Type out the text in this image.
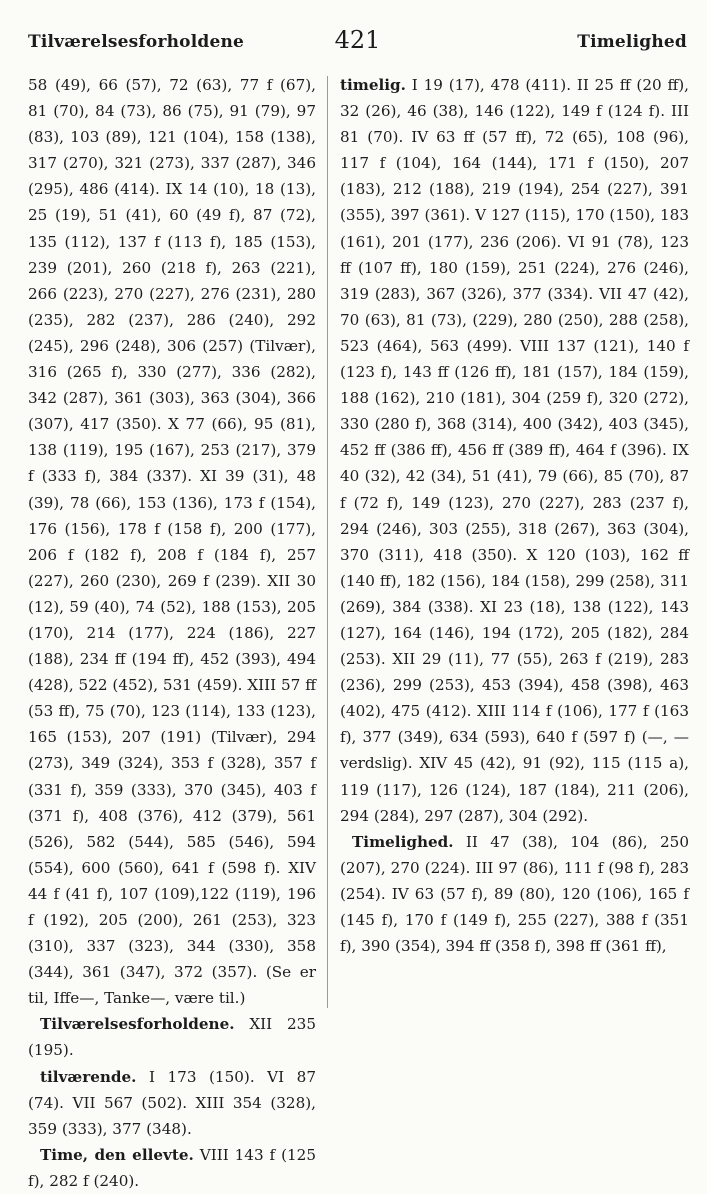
Tilværelsesforholdene	421	Timelighed

58 (49), 66 (57), 72 (63), 77 f (67), 81 (70), 84 (73), 86 (75), 91 (79), 97 (83), 103 (89), 121 (104), 158 (138), 317 (270), 321 (273), 337 (287), 346 (295), 486 (414). IX 14 (10), 18 (13), 25 (19), 51 (41), 60 (49 f), 87 (72), 135 (112), 137 f (113 f), 185 (153), 239 (201), 260 (218 f), 263 (221), 266 (223), 270 (227), 276 (231), 280 (235), 282 (237), 286 (240), 292 (245), 296 (248), 306 (257) (Tilvær), 316 (265 f), 330 (277), 336 (282), 342 (287), 361 (303), 363 (304), 366 (307), 417 (350). X 77 (66), 95 (81), 138 (119), 195 (167), 253 (217), 379 f (333 f), 384 (337). XI 39 (31), 48 (39), 78 (66), 153 (136), 173 f (154), 176 (156), 178 f (158 f), 200 (177), 206 f (182 f), 208 f (184 f), 257 (227), 260 (230), 269 f (239). XII 30 (12), 59 (40), 74 (52), 188 (153), 205 (170), 214 (177), 224 (186), 227 (188), 234 ff (194 ff), 452 (393), 494 (428), 522 (452), 531 (459). XIII 57 ff (53 ff), 75 (70), 123 (114), 133 (123), 165 (153), 207 (191) (Tilvær), 294 (273), 349 (324), 353 f (328), 357 f (331 f), 359 (333), 370 (345), 403 f (371 f), 408 (376), 412 (379), 561 (526), 582 (544), 585 (546), 594 (554), 600 (560), 641 f (598 f). XIV 44 f (41 f), 107 (109),122 (119), 196 f (192), 205 (200), 261 (253), 323 (310), 337 (323), 344 (330), 358 (344), 361 (347), 372 (357). (Se er til, Iffe—, Tanke—, være til.)

Tilværelsesforholdene. XII 235 (195).

tilværende. I 173 (150). VI 87 (74). VII 567 (502). XIII 354 (328), 359 (333), 377 (348).

Time, den ellevte. VIII 143 f (125 f), 282 f (240).

timelig. I 19 (17), 478 (411). II 25 ff (20 ff), 32 (26), 46 (38), 146 (122), 149 f (124 f). III 81 (70). IV 63 ff (57 ff), 72 (65), 108 (96), 117 f (104), 164 (144), 171 f (150), 207 (183), 212 (188), 219 (194), 254 (227), 391 (355), 397 (361). V 127 (115), 170 (150), 183 (161), 201 (177), 236 (206). VI 91 (78), 123 ff (107 ff), 180 (159), 251 (224), 276 (246), 319 (283), 367 (326), 377 (334). VII 47 (42), 70 (63), 81 (73), (229), 280 (250), 288 (258), 523 (464), 563 (499). VIII 137 (121), 140 f (123 f), 143 ff (126 ff), 181 (157), 184 (159), 188 (162), 210 (181), 304 (259 f), 320 (272), 330 (280 f), 368 (314), 400 (342), 403 (345), 452 ff (386 ff), 456 ff (389 ff), 464 f (396). IX 40 (32), 42 (34), 51 (41), 79 (66), 85 (70), 87 f (72 f), 149 (123), 270 (227), 283 (237 f), 294 (246), 303 (255), 318 (267), 363 (304), 370 (311), 418 (350). X 120 (103), 162 ff (140 ff), 182 (156), 184 (158), 299 (258), 311 (269), 384 (338). XI 23 (18), 138 (122), 143 (127), 164 (146), 194 (172), 205 (182), 284 (253). XII 29 (11), 77 (55), 263 f (219), 283 (236), 299 (253), 453 (394), 458 (398), 463 (402), 475 (412). XIII 114 f (106), 177 f (163 f), 377 (349), 634 (593), 640 f (597 f) (—, — verdslig). XIV 45 (42), 91 (92), 115 (115 a), 119 (117), 126 (124), 187 (184), 211 (206), 294 (284), 297 (287), 304 (292).

Timelighed. II 47 (38), 104 (86), 250 (207), 270 (224). III 97 (86), 111 f (98 f), 283 (254). IV 63 (57 f), 89 (80), 120 (106), 165 f (145 f), 170 f (149 f), 255 (227), 388 f (351 f), 390 (354), 394 ff (358 f), 398 ff (361 ff),
